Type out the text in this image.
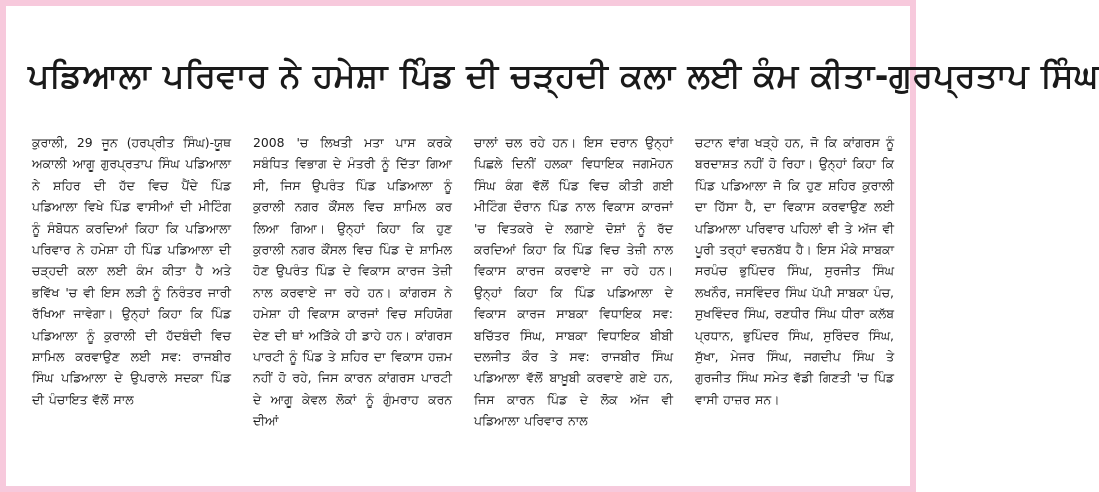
ਪਡਿਆਲਾ ਪਰਿਵਾਰ ਨੇ ਹਮੇਸ਼ਾ ਪਿੰਡ ਦੀ ਚੜ੍ਹਦੀ ਕਲਾ ਲਈ ਕੰਮ ਕੀਤਾ-ਗੁਰਪ੍ਰਤਾਪ ਸਿੰਘ

ਕੁਰਾਲੀ, 29 ਜੂਨ (ਹਰਪ੍ਰੀਤ ਸਿੰਘ)-ਯੂਥ ਅਕਾਲੀ ਆਗੂ ਗੁਰਪ੍ਰਤਾਪ ਸਿੰਘ ਪਡਿਆਲਾ ਨੇ ਸ਼ਹਿਰ ਦੀ ਹੱਦ ਵਿਚ ਪੈਂਦੇ ਪਿੰਡ ਪਡਿਆਲਾ ਵਿਖੇ ਪਿੰਡ ਵਾਸੀਆਂ ਦੀ ਮੀਟਿੰਗ ਨੂੰ ਸੰਬੋਧਨ ਕਰਦਿਆਂ ਕਿਹਾ ਕਿ ਪਡਿਆਲਾ ਪਰਿਵਾਰ ਨੇ ਹਮੇਸ਼ਾ ਹੀ ਪਿੰਡ ਪਡਿਆਲਾ ਦੀ ਚੜ੍ਹਦੀ ਕਲਾ ਲਈ ਕੰਮ ਕੀਤਾ ਹੈ ਅਤੇ ਭਵਿੱਖ 'ਚ ਵੀ ਇਸ ਲੜੀ ਨੂੰ ਨਿਰੰਤਰ ਜਾਰੀ ਰੱਖਿਆ ਜਾਵੇਗਾ। ਉਨ੍ਹਾਂ ਕਿਹਾ ਕਿ ਪਿੰਡ ਪਡਿਆਲਾ ਨੂੰ ਕੁਰਾਲੀ ਦੀ ਹੱਦਬੰਦੀ ਵਿਚ ਸ਼ਾਮਿਲ ਕਰਵਾਉਣ ਲਈ ਸਵ: ਰਾਜਬੀਰ ਸਿੰਘ ਪਡਿਆਲਾ ਦੇ ਉਪਰਾਲੇ ਸਦਕਾ ਪਿੰਡ ਦੀ ਪੰਚਾਇਤ ਵੱਲੋਂ ਸਾਲ

2008 'ਚ ਲਿਖਤੀ ਮਤਾ ਪਾਸ ਕਰਕੇ ਸਬੰਧਿਤ ਵਿਭਾਗ ਦੇ ਮੰਤਰੀ ਨੂੰ ਦਿੱਤਾ ਗਿਆ ਸੀ, ਜਿਸ ਉਪਰੰਤ ਪਿੰਡ ਪਡਿਆਲਾ ਨੂੰ ਕੁਰਾਲੀ ਨਗਰ ਕੌਂਸਲ ਵਿਚ ਸ਼ਾਮਿਲ ਕਰ ਲਿਆ ਗਿਆ। ਉਨ੍ਹਾਂ ਕਿਹਾ ਕਿ ਹੁਣ ਕੁਰਾਲੀ ਨਗਰ ਕੌਂਸਲ ਵਿਚ ਪਿੰਡ ਦੇ ਸ਼ਾਮਿਲ ਹੋਣ ਉਪਰੰਤ ਪਿੰਡ ਦੇ ਵਿਕਾਸ ਕਾਰਜ ਤੇਜ਼ੀ ਨਾਲ ਕਰਵਾਏ ਜਾ ਰਹੇ ਹਨ। ਕਾਂਗਰਸ ਨੇ ਹਮੇਸ਼ਾ ਹੀ ਵਿਕਾਸ ਕਾਰਜਾਂ ਵਿਚ ਸਹਿਯੋਗ ਦੇਣ ਦੀ ਥਾਂ ਅੜਿੱਕੇ ਹੀ ਡਾਹੇ ਹਨ। ਕਾਂਗਰਸ ਪਾਰਟੀ ਨੂੰ ਪਿੰਡ ਤੇ ਸ਼ਹਿਰ ਦਾ ਵਿਕਾਸ ਹਜ਼ਮ ਨਹੀਂ ਹੋ ਰਹੇ, ਜਿਸ ਕਾਰਨ ਕਾਂਗਰਸ ਪਾਰਟੀ ਦੇ ਆਗੂ ਕੇਵਲ ਲੋਕਾਂ ਨੂੰ ਗੁੰਮਰਾਹ ਕਰਨ ਦੀਆਂ

ਚਾਲਾਂ ਚਲ ਰਹੇ ਹਨ। ਇਸ ਦਰਾਨ ਉਨ੍ਹਾਂ ਪਿਛਲੇ ਦਿਨੀਂ ਹਲਕਾ ਵਿਧਾਇਕ ਜਗਮੋਹਨ ਸਿੰਘ ਕੰਗ ਵੱਲੋਂ ਪਿੰਡ ਵਿਚ ਕੀਤੀ ਗਈ ਮੀਟਿੰਗ ਦੌਰਾਨ ਪਿੰਡ ਨਾਲ ਵਿਕਾਸ ਕਾਰਜਾਂ 'ਚ ਵਿਤਕਰੇ ਦੇ ਲਗਾਏ ਦੋਸ਼ਾਂ ਨੂੰ ਰੱਦ ਕਰਦਿਆਂ ਕਿਹਾ ਕਿ ਪਿੰਡ ਵਿਚ ਤੇਜ਼ੀ ਨਾਲ ਵਿਕਾਸ ਕਾਰਜ ਕਰਵਾਏ ਜਾ ਰਹੇ ਹਨ। ਉਨ੍ਹਾਂ ਕਿਹਾ ਕਿ ਪਿੰਡ ਪਡਿਆਲਾ ਦੇ ਵਿਕਾਸ ਕਾਰਜ ਸਾਬਕਾ ਵਿਧਾਇਕ ਸਵ: ਬਚਿੱਤਰ ਸਿੰਘ, ਸਾਬਕਾ ਵਿਧਾਇਕ ਬੀਬੀ ਦਲਜੀਤ ਕੌਰ ਤੇ ਸਵ: ਰਾਜਬੀਰ ਸਿੰਘ ਪਡਿਆਲਾ ਵੱਲੋਂ ਬਾਖ਼ੂਬੀ ਕਰਵਾਏ ਗਏ ਹਨ, ਜਿਸ ਕਾਰਨ ਪਿੰਡ ਦੇ ਲੋਕ ਅੱਜ ਵੀ ਪਡਿਆਲਾ ਪਰਿਵਾਰ ਨਾਲ

ਚਟਾਨ ਵਾਂਗ ਖੜ੍ਹੇ ਹਨ, ਜੋ ਕਿ ਕਾਂਗਰਸ ਨੂੰ ਬਰਦਾਸ਼ਤ ਨਹੀਂ ਹੋ ਰਿਹਾ। ਉਨ੍ਹਾਂ ਕਿਹਾ ਕਿ ਪਿੰਡ ਪਡਿਆਲਾ ਜੋ ਕਿ ਹੁਣ ਸ਼ਹਿਰ ਕੁਰਾਲੀ ਦਾ ਹਿੱਸਾ ਹੈ, ਦਾ ਵਿਕਾਸ ਕਰਵਾਉਣ ਲਈ ਪਡਿਆਲਾ ਪਰਿਵਾਰ ਪਹਿਲਾਂ ਵੀ ਤੇ ਅੱਜ ਵੀ ਪੂਰੀ ਤਰ੍ਹਾਂ ਵਚਨਬੱਧ ਹੈ। ਇਸ ਮੌਕੇ ਸਾਬਕਾ ਸਰਪੰਚ ਭੁਪਿੰਦਰ ਸਿੰਘ, ਸੁਰਜੀਤ ਸਿੰਘ ਲਖਨੌਰ, ਜਸਵਿੰਦਰ ਸਿੰਘ ਪੱਪੀ ਸਾਬਕਾ ਪੰਚ, ਸੁਖਵਿੰਦਰ ਸਿੰਘ, ਰਣਧੀਰ ਸਿੰਘ ਧੀਰਾ ਕਲੱਬ ਪ੍ਰਧਾਨ, ਭੁਪਿੰਦਰ ਸਿੰਘ, ਸੁਰਿੰਦਰ ਸਿੰਘ, ਸੁੱਖਾ, ਮੇਜਰ ਸਿੰਘ, ਜਗਦੀਪ ਸਿੰਘ ਤੇ ਗੁਰਜੀਤ ਸਿੰਘ ਸਮੇਤ ਵੱਡੀ ਗਿਣਤੀ 'ਚ ਪਿੰਡ ਵਾਸੀ ਹਾਜ਼ਰ ਸਨ।
